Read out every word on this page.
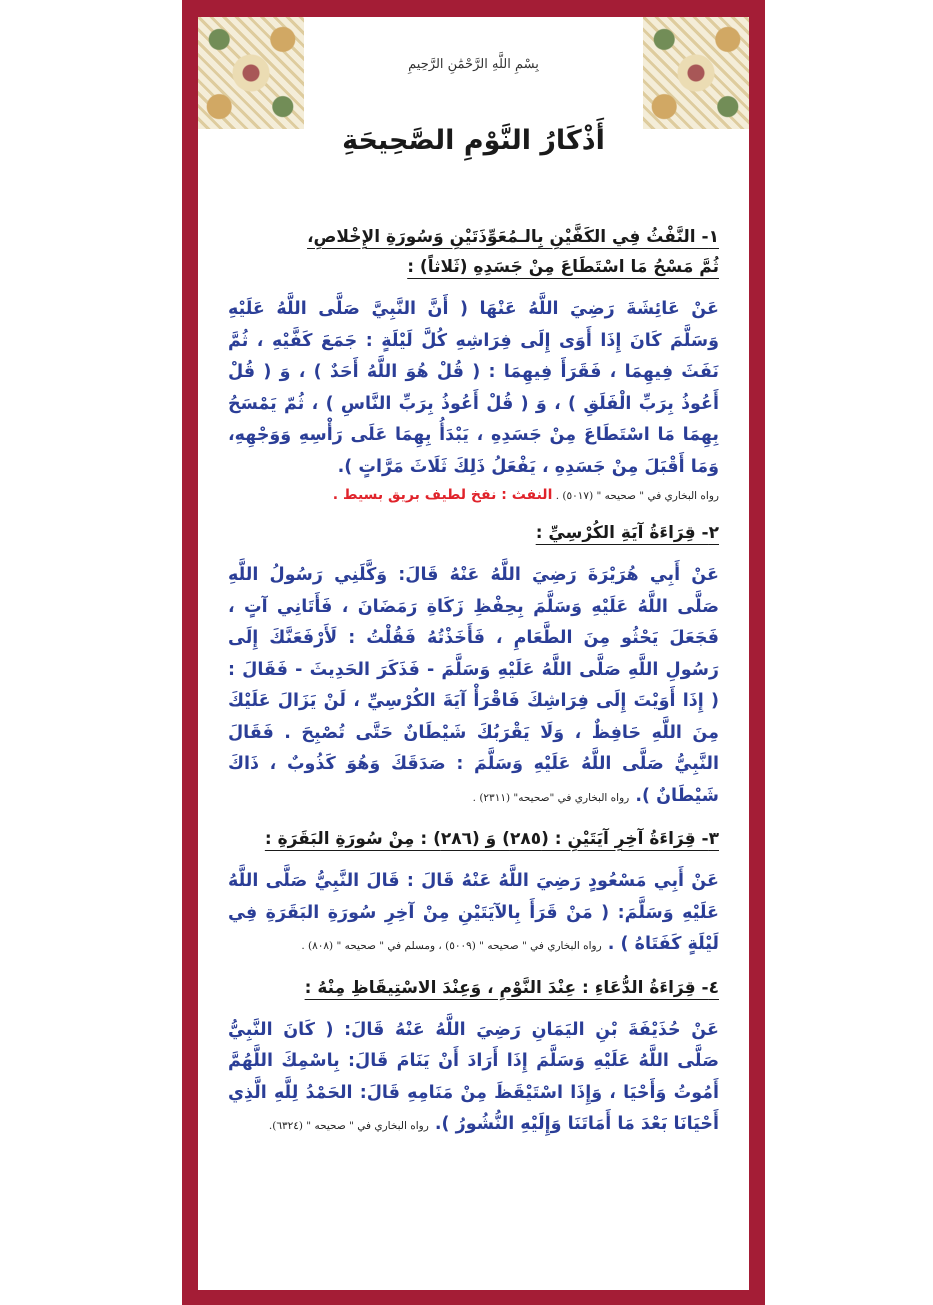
بِسْمِ اللَّهِ الرَّحْمَٰنِ الرَّحِيمِ
أَذْكَارُ النَّوْمِ الصَّحِيحَةِ
١- النَّفْثُ فِي الكَفَّيْنِ بِالـمُعَوِّذَتَيْنِ وَسُورَةِ الإِخْلاصِ،
ثُمَّ مَسْحُ مَا اسْتَطَاعَ مِنْ جَسَدِهِ (ثَلاثاً) :
عَنْ عَائِشَةَ رَضِيَ اللَّهُ عَنْهَا ( أَنَّ النَّبِيَّ صَلَّى اللَّهُ عَلَيْهِ وَسَلَّمَ كَانَ إِذَا أَوَى إِلَى فِرَاشِهِ كُلَّ لَيْلَةٍ : جَمَعَ كَفَّيْهِ ، ثُمَّ نَفَثَ فِيهِمَا ، فَقَرَأَ فِيهِمَا : ( قُلْ هُوَ اللَّهُ أَحَدٌ ) ، وَ ( قُلْ أَعُوذُ بِرَبِّ الْفَلَقِ ) ، وَ ( قُلْ أَعُوذُ بِرَبِّ النَّاسِ ) ، ثُمّ يَمْسَحُ بِهِمَا مَا اسْتَطَاعَ مِنْ جَسَدِهِ ، يَبْدَأُ بِهِمَا عَلَى رَأْسِهِ وَوَجْهِهِ، وَمَا أَقْبَلَ مِنْ جَسَدِهِ ، يَفْعَلُ ذَلِكَ ثَلَاثَ مَرَّاتٍ ).
رواه البخاري في " صحيحه " (٥٠١٧) . النفث : نفخ لطيف بريق بسيط .
٢- قِرَاءَةُ آيَةِ الكُرْسِيِّ :
عَنْ أَبِي هُرَيْرَةَ رَضِيَ اللَّهُ عَنْهُ قَالَ: وَكَّلَنِي رَسُولُ اللَّهِ صَلَّى اللَّهُ عَلَيْهِ وَسَلَّمَ بِحِفْظِ زَكَاةِ رَمَضَانَ ، فَأَتَانِي آتٍ ، فَجَعَلَ يَحْثُو مِنَ الطَّعَامِ ، فَأَخَذْتُهُ فَقُلْتُ : لَأَرْفَعَنَّكَ إِلَى رَسُولِ اللَّهِ صَلَّى اللَّهُ عَلَيْهِ وَسَلَّمَ - فَذَكَرَ الحَدِيثَ - فَقَالَ : ( إِذَا أَوَيْتَ إِلَى فِرَاشِكَ فَاقْرَأْ آيَةَ الكُرْسِيِّ ، لَنْ يَزَالَ عَلَيْكَ مِنَ اللَّهِ حَافِظٌ ، وَلَا يَقْرَبُكَ شَيْطَانٌ حَتَّى تُصْبِحَ . فَقَالَ النَّبِيُّ صَلَّى اللَّهُ عَلَيْهِ وَسَلَّمَ : صَدَقَكَ وَهُوَ كَذُوبٌ ، ذَاكَ شَيْطَانٌ ). رواه البخاري في "صحيحه" (٢٣١١) .
٣- قِرَاءَةُ آخِرِ آيَتَيْنِ : (٢٨٥) وَ (٢٨٦) : مِنْ سُورَةِ البَقَرَةِ :
عَنْ أَبِي مَسْعُودٍ رَضِيَ اللَّهُ عَنْهُ قَالَ : قَالَ النَّبِيُّ صَلَّى اللَّهُ عَلَيْهِ وَسَلَّمَ: ( مَنْ قَرَأَ بِالآيَتَيْنِ مِنْ آخِرِ سُورَةِ البَقَرَةِ فِي لَيْلَةٍ كَفَتَاهُ ) . رواه البخاري في " صحيحه " (٥٠٠٩) ، ومسلم في " صحيحه " (٨٠٨) .
٤- قِرَاءَةُ الدُّعَاءِ : عِنْدَ النَّوْمِ ، وَعِنْدَ الاسْتِيقَاظِ مِنْهُ :
عَنْ حُذَيْفَةَ بْنِ اليَمَانِ رَضِيَ اللَّهُ عَنْهُ قَالَ: ( كَانَ النَّبِيُّ صَلَّى اللَّهُ عَلَيْهِ وَسَلَّمَ إِذَا أَرَادَ أَنْ يَنَامَ قَالَ: بِاسْمِكَ اللَّهُمَّ أَمُوتُ وَأَحْيَا ، وَإِذَا اسْتَيْقَظَ مِنْ مَنَامِهِ قَالَ: الحَمْدُ لِلَّهِ الَّذِي أَحْيَانَا بَعْدَ مَا أَمَاتَنَا وَإِلَيْهِ النُّشُورُ ). رواه البخاري في " صحيحه " (٦٣٢٤).
